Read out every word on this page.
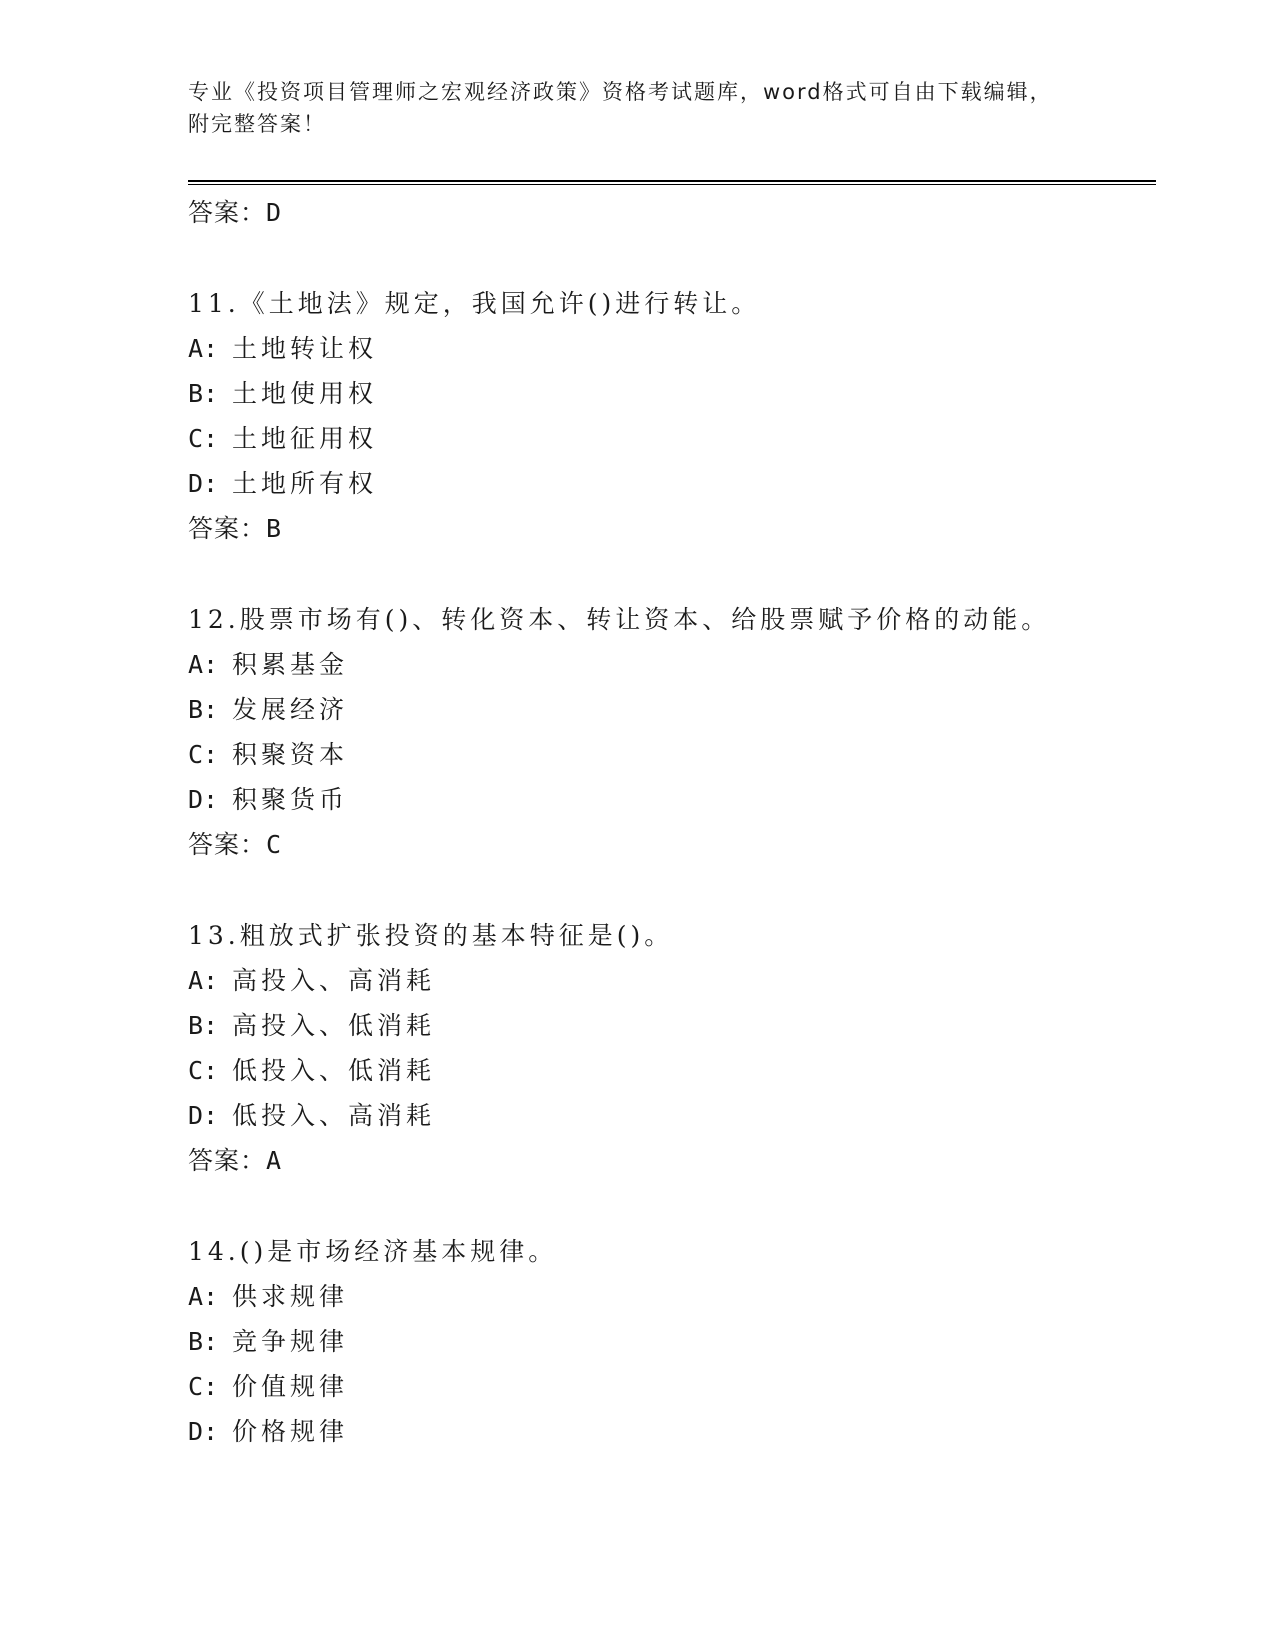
专业《投资项目管理师之宏观经济政策》资格考试题库，word格式可自由下载编辑，附完整答案！
答案：D
11.《土地法》规定，我国允许()进行转让。
A: 土地转让权
B: 土地使用权
C: 土地征用权
D: 土地所有权
答案：B
12.股票市场有()、转化资本、转让资本、给股票赋予价格的动能。
A: 积累基金
B: 发展经济
C: 积聚资本
D: 积聚货币
答案：C
13.粗放式扩张投资的基本特征是()。
A: 高投入、高消耗
B: 高投入、低消耗
C: 低投入、低消耗
D: 低投入、高消耗
答案：A
14.()是市场经济基本规律。
A: 供求规律
B: 竞争规律
C: 价值规律
D: 价格规律
